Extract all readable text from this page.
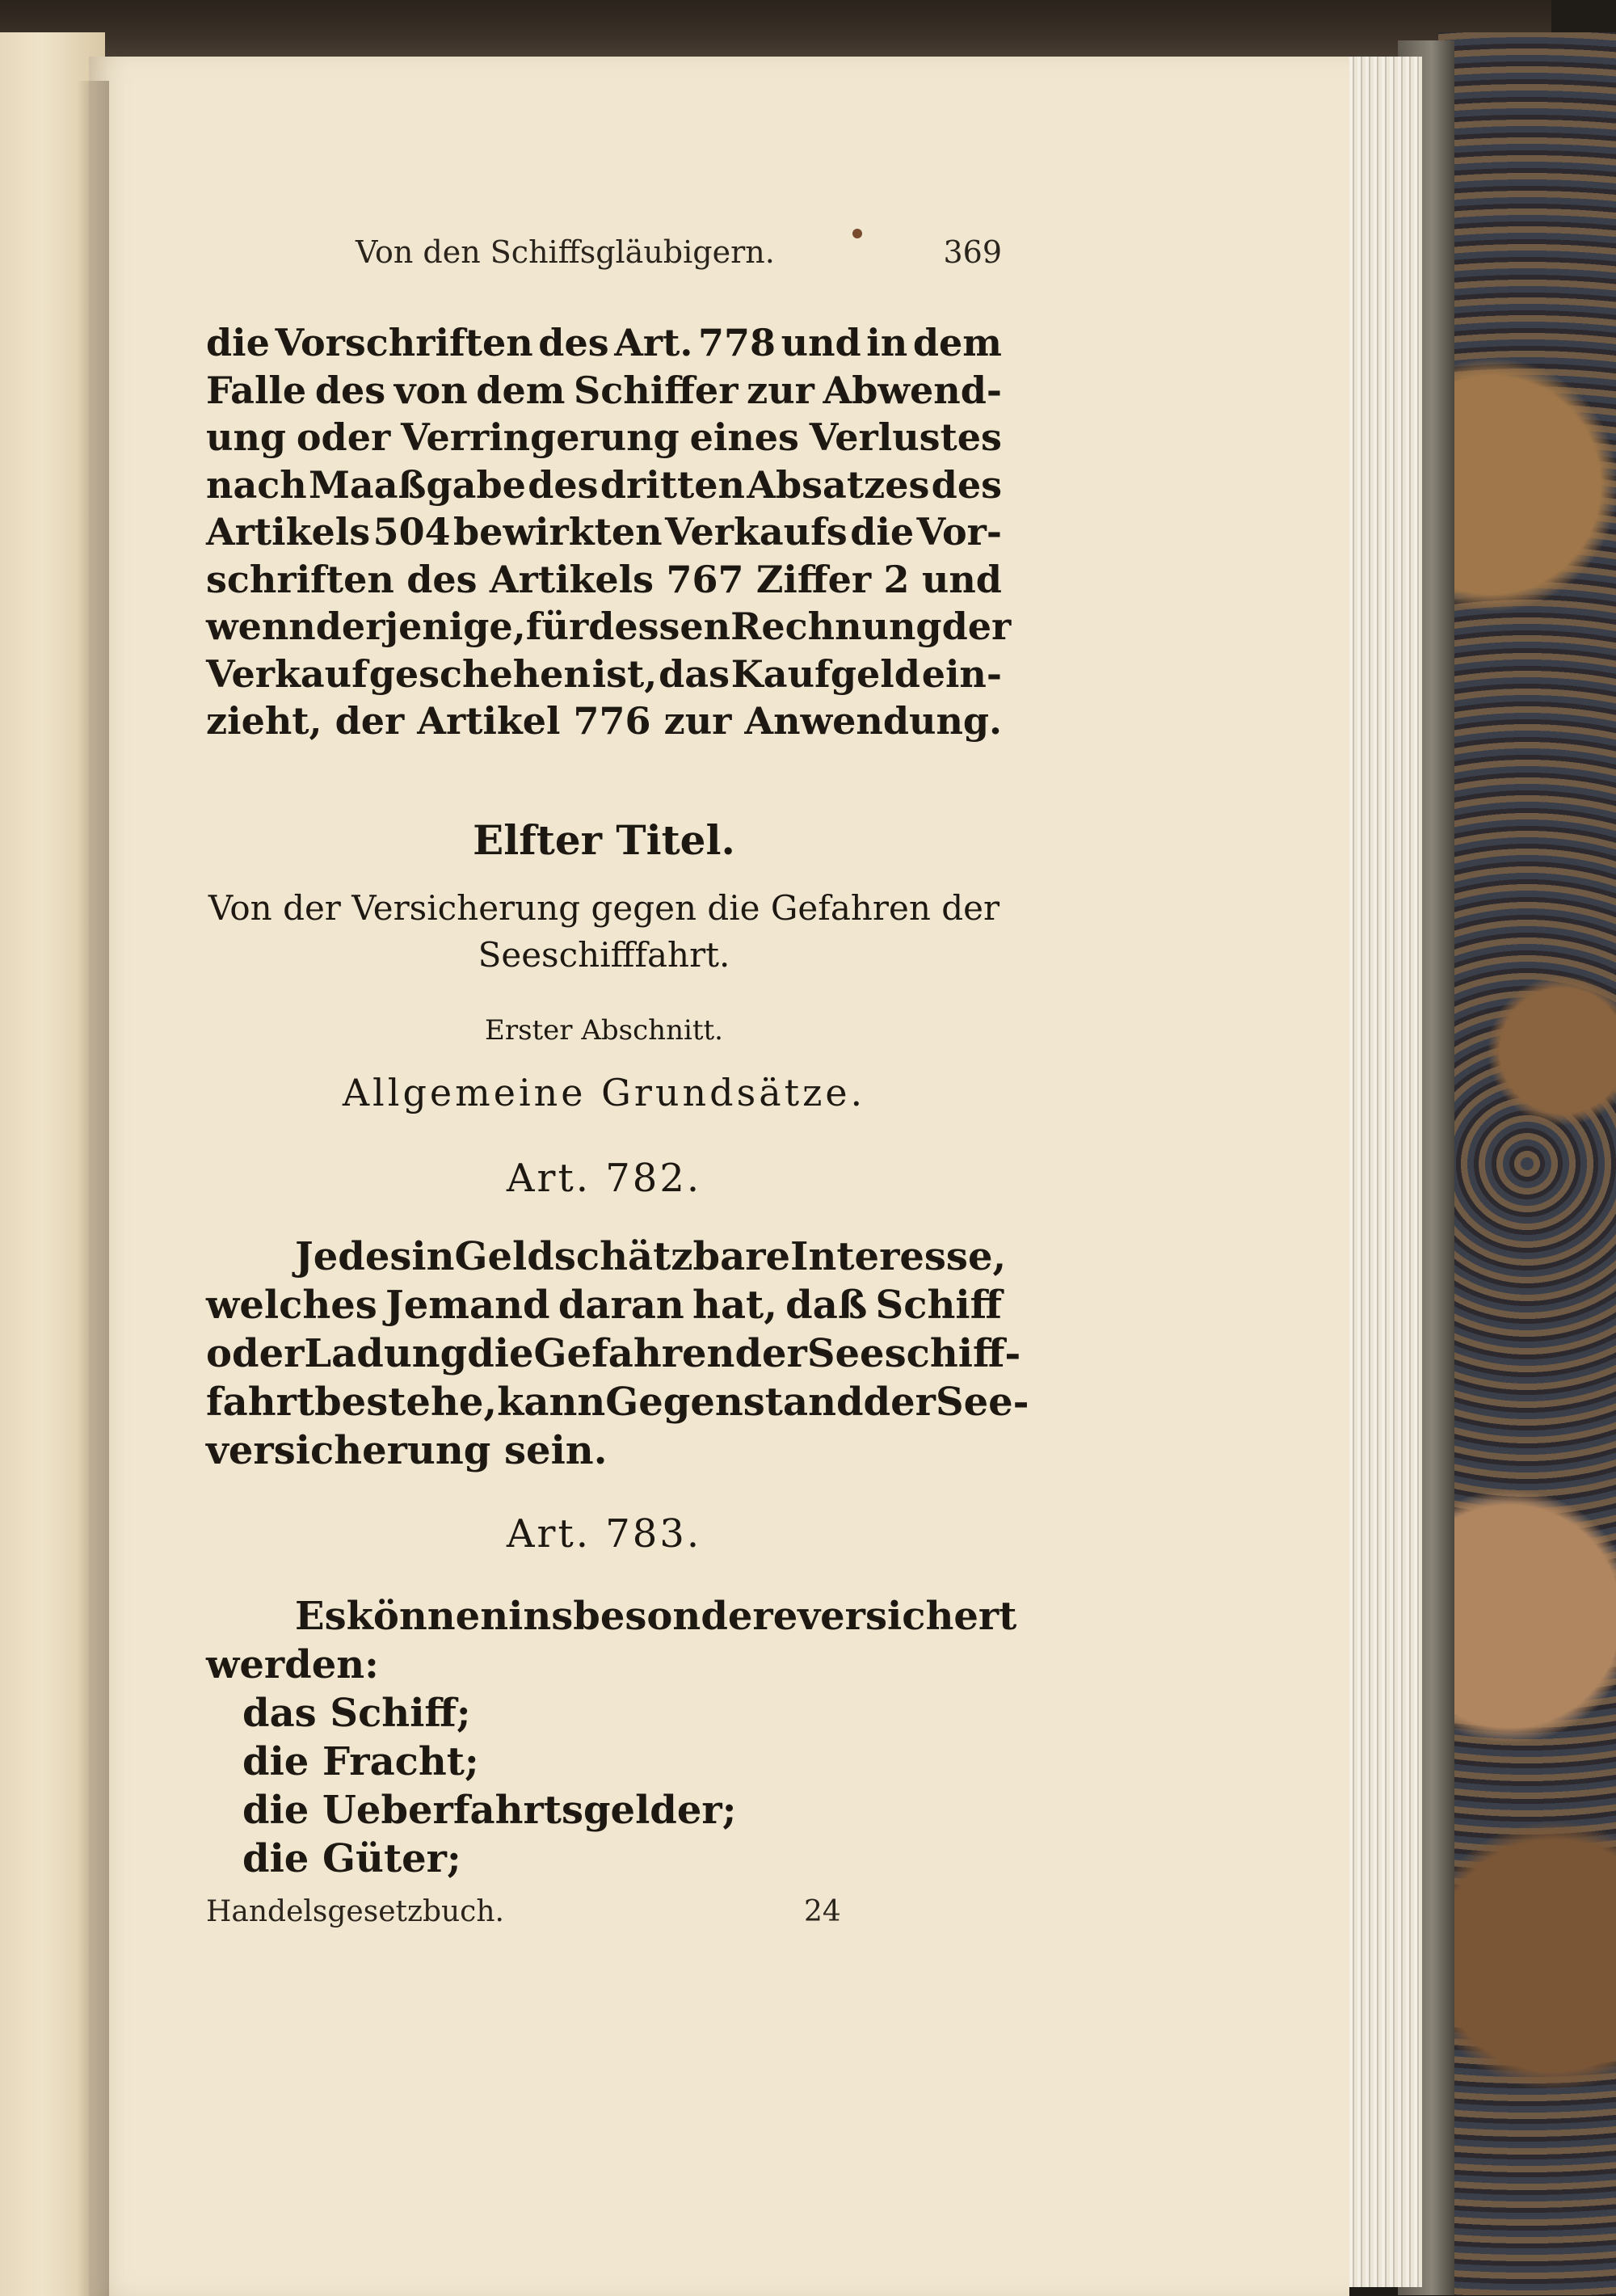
Von den Schiffsgläubigern.	369
die Vorschriften des Art. 778 und in dem
Falle des von dem Schiffer zur Abwend-
ung oder Verringerung eines Verlustes
nach Maaßgabe des dritten Absatzes des
Artikels 504 bewirkten Verkaufs die Vor-
schriften des Artikels 767 Ziffer 2 und
wenn derjenige, für dessen Rechnung der
Verkauf geschehen ist, das Kaufgeld ein-
zieht, der Artikel 776 zur Anwendung.
Elfter Titel.
Von der Versicherung gegen die Gefahren der
Seeschifffahrt.
Erster Abschnitt.
Allgemeine Grundsätze.
Art. 782.
Jedes in Geld schätzbare Interesse,
welches Jemand daran hat, daß Schiff
oder Ladung die Gefahren der Seeschiff-
fahrt bestehe, kann Gegenstand der See-
versicherung sein.
Art. 783.
Es können insbesondere versichert
werden:
das Schiff;
die Fracht;
die Ueberfahrtsgelder;
die Güter;
Handelsgesetzbuch.	24
